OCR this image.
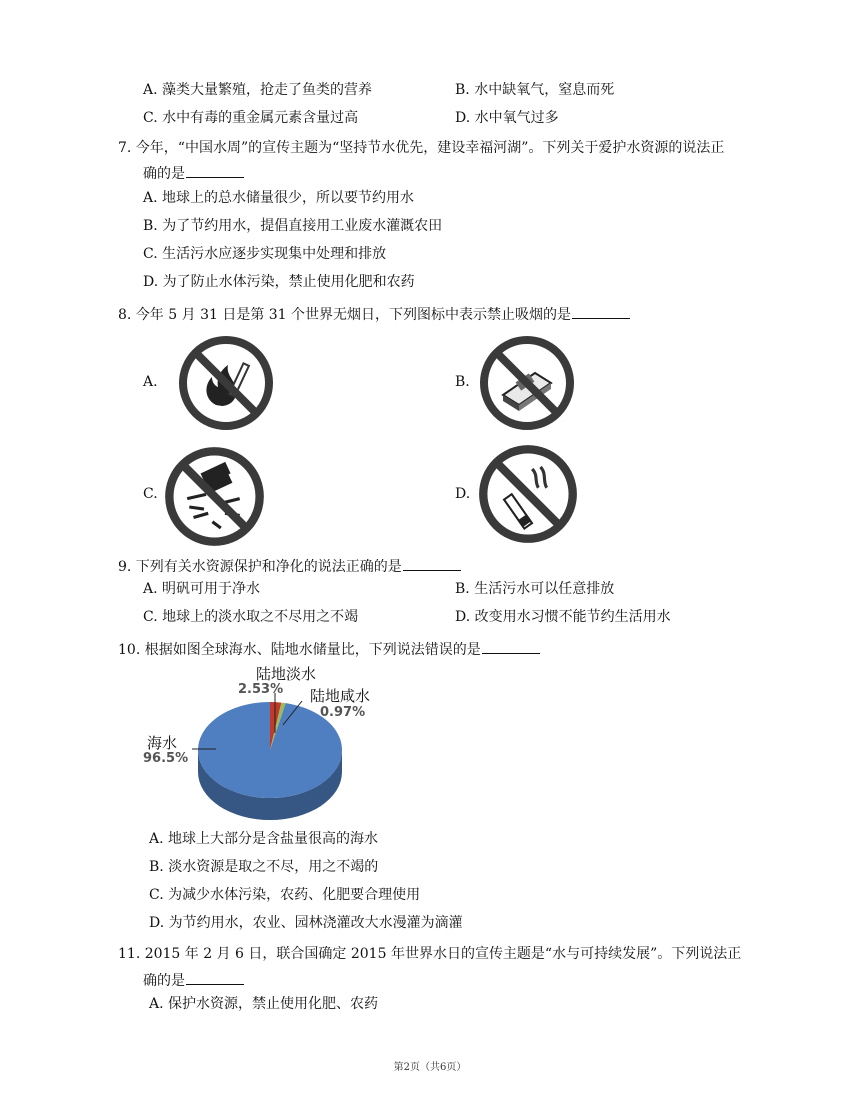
A. 藻类大量繁殖，抢走了鱼类的营养	B. 水中缺氧气，窒息而死
C. 水中有毒的重金属元素含量过高	D. 水中氧气过多
7. 今年，“中国水周”的宣传主题为“坚持节水优先，建设幸福河湖”。下列关于爱护水资源的说法正
确的是
A. 地球上的总水储量很少，所以要节约用水
B. 为了节约用水，提倡直接用工业废水灌溉农田
C. 生活污水应逐步实现集中处理和排放
D. 为了防止水体污染，禁止使用化肥和农药
8. 今年 5 月 31 日是第 31 个世界无烟日，下列图标中表示禁止吸烟的是
A.	B.
C.	D.
9. 下列有关水资源保护和净化的说法正确的是
A. 明矾可用于净水	B. 生活污水可以任意排放
C. 地球上的淡水取之不尽用之不竭	D. 改变用水习惯不能节约生活用水
10. 根据如图全球海水、陆地水储量比，下列说法错误的是
陆地淡水
2.53% 陆地咸水
0.97%
海水
96.5%
A. 地球上大部分是含盐量很高的海水
B. 淡水资源是取之不尽，用之不竭的
C. 为减少水体污染，农药、化肥要合理使用
D. 为节约用水，农业、园林浇灌改大水漫灌为滴灌
11. 2015 年 2 月 6 日，联合国确定 2015 年世界水日的宣传主题是“水与可持续发展”。下列说法正
确的是
A. 保护水资源，禁止使用化肥、农药
第2页（共6页）
